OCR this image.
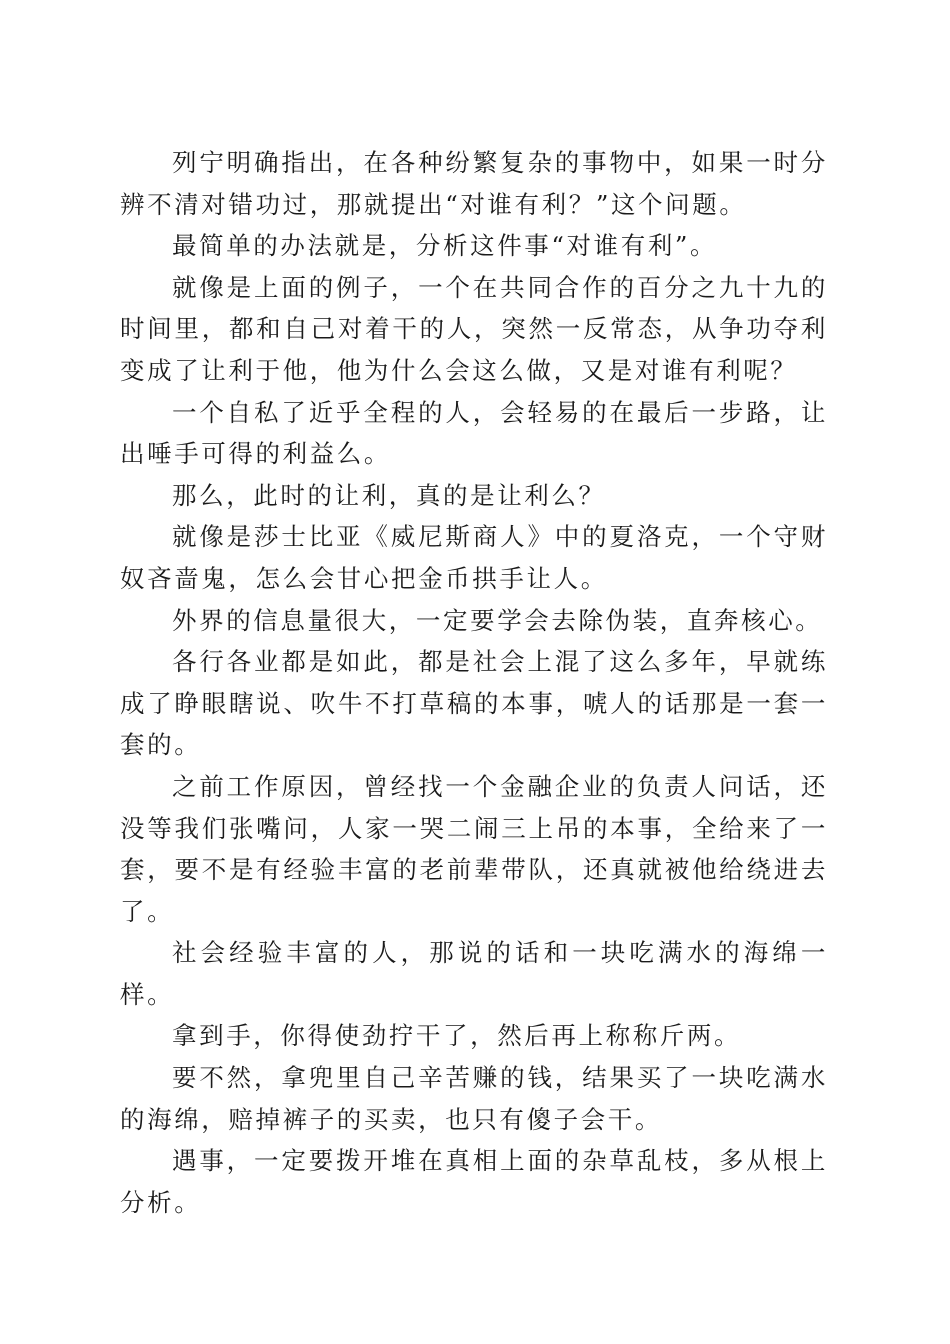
列宁明确指出，在各种纷繁复杂的事物中，如果一时分辨不清对错功过，那就提出“对谁有利？”这个问题。

最简单的办法就是，分析这件事“对谁有利”。

就像是上面的例子，一个在共同合作的百分之九十九的时间里，都和自己对着干的人，突然一反常态，从争功夺利变成了让利于他，他为什么会这么做，又是对谁有利呢？

一个自私了近乎全程的人，会轻易的在最后一步路，让出唾手可得的利益么。

那么，此时的让利，真的是让利么？

就像是莎士比亚《威尼斯商人》中的夏洛克，一个守财奴吝啬鬼，怎么会甘心把金币拱手让人。

外界的信息量很大，一定要学会去除伪装，直奔核心。

各行各业都是如此，都是社会上混了这么多年，早就练成了睁眼瞎说、吹牛不打草稿的本事，唬人的话那是一套一套的。

之前工作原因，曾经找一个金融企业的负责人问话，还没等我们张嘴问，人家一哭二闹三上吊的本事，全给来了一套，要不是有经验丰富的老前辈带队，还真就被他给绕进去了。

社会经验丰富的人，那说的话和一块吃满水的海绵一样。

拿到手，你得使劲拧干了，然后再上称称斤两。

要不然，拿兜里自己辛苦赚的钱，结果买了一块吃满水的海绵，赔掉裤子的买卖，也只有傻子会干。

遇事，一定要拨开堆在真相上面的杂草乱枝，多从根上分析。
